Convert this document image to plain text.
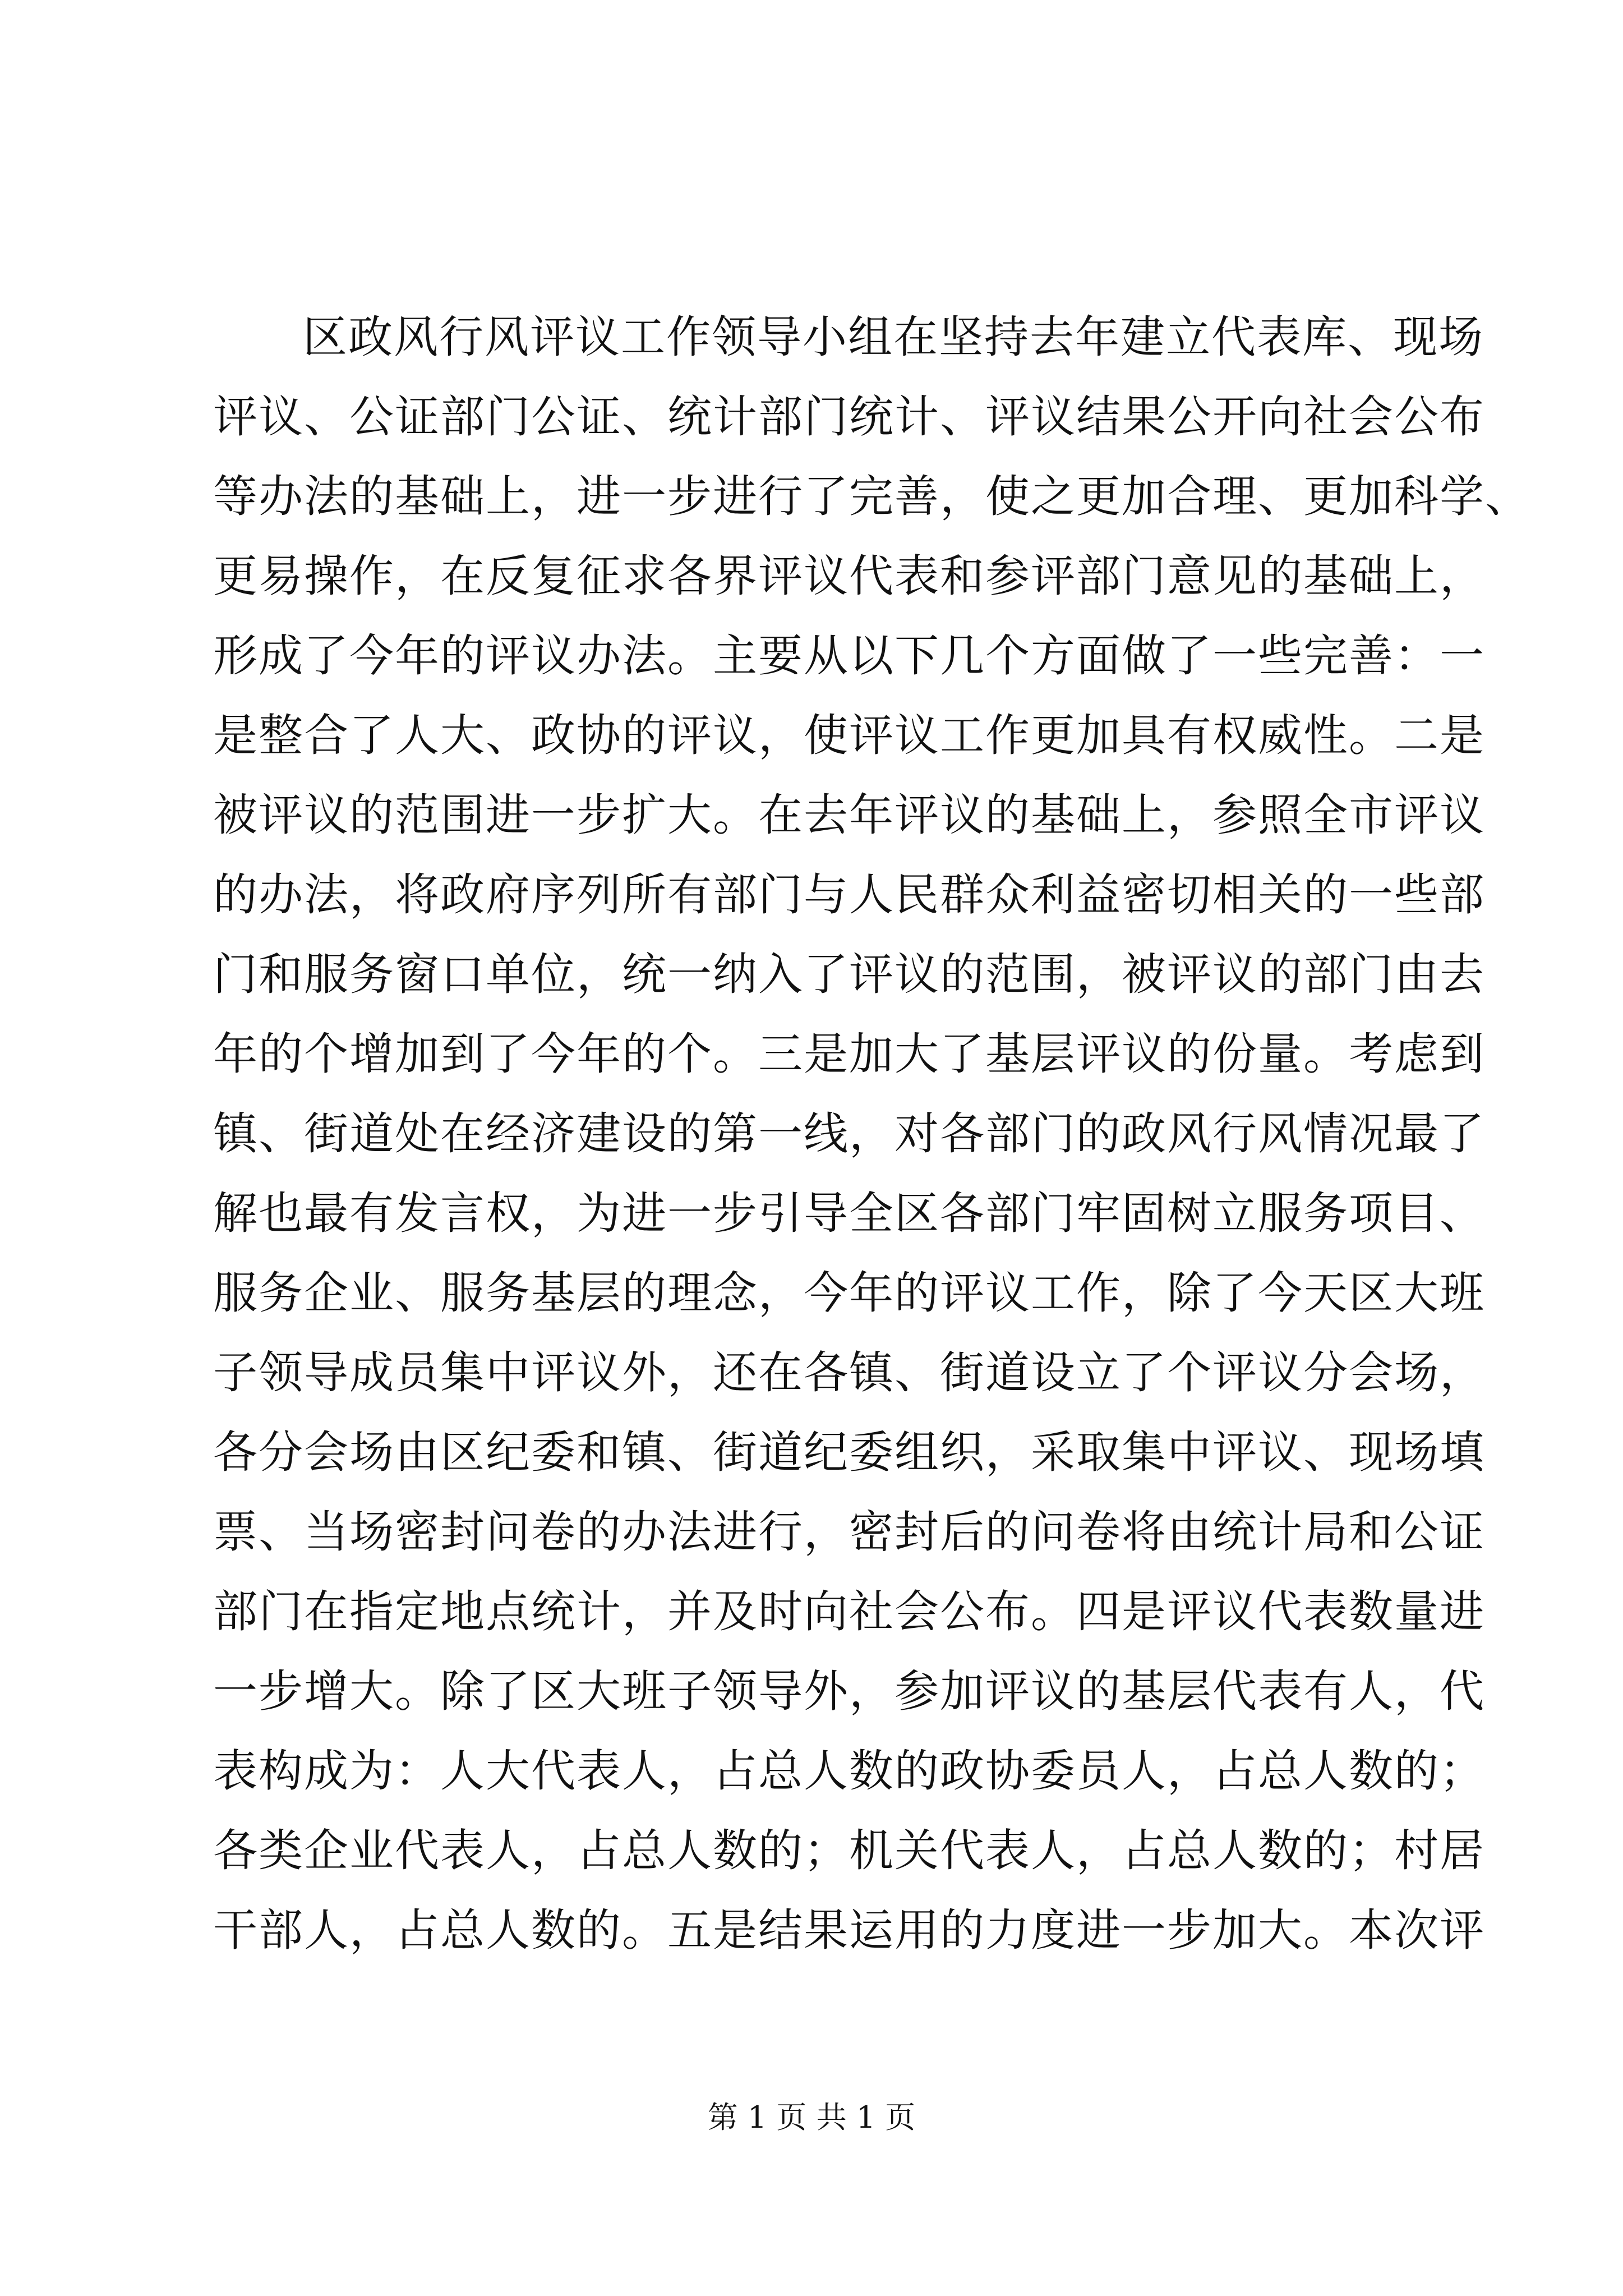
区政风行风评议工作领导小组在坚持去年建立代表库、现场
评议、公证部门公证、统计部门统计、评议结果公开向社会公布
等办法的基础上，进一步进行了完善，使之更加合理、更加科学、
更易操作，在反复征求各界评议代表和参评部门意见的基础上，
形成了今年的评议办法。主要从以下几个方面做了一些完善：一
是整合了人大、政协的评议，使评议工作更加具有权威性。二是
被评议的范围进一步扩大。在去年评议的基础上，参照全市评议
的办法，将政府序列所有部门与人民群众利益密切相关的一些部
门和服务窗口单位，统一纳入了评议的范围，被评议的部门由去
年的个增加到了今年的个。三是加大了基层评议的份量。考虑到
镇、街道处在经济建设的第一线，对各部门的政风行风情况最了
解也最有发言权，为进一步引导全区各部门牢固树立服务项目、
服务企业、服务基层的理念，今年的评议工作，除了今天区大班
子领导成员集中评议外，还在各镇、街道设立了个评议分会场，
各分会场由区纪委和镇、街道纪委组织，采取集中评议、现场填
票、当场密封问卷的办法进行，密封后的问卷将由统计局和公证
部门在指定地点统计，并及时向社会公布。四是评议代表数量进
一步增大。除了区大班子领导外，参加评议的基层代表有人，代
表构成为：人大代表人，占总人数的政协委员人，占总人数的；
各类企业代表人，占总人数的；机关代表人，占总人数的；村居
干部人，占总人数的。五是结果运用的力度进一步加大。本次评
第 1 页 共 1 页
